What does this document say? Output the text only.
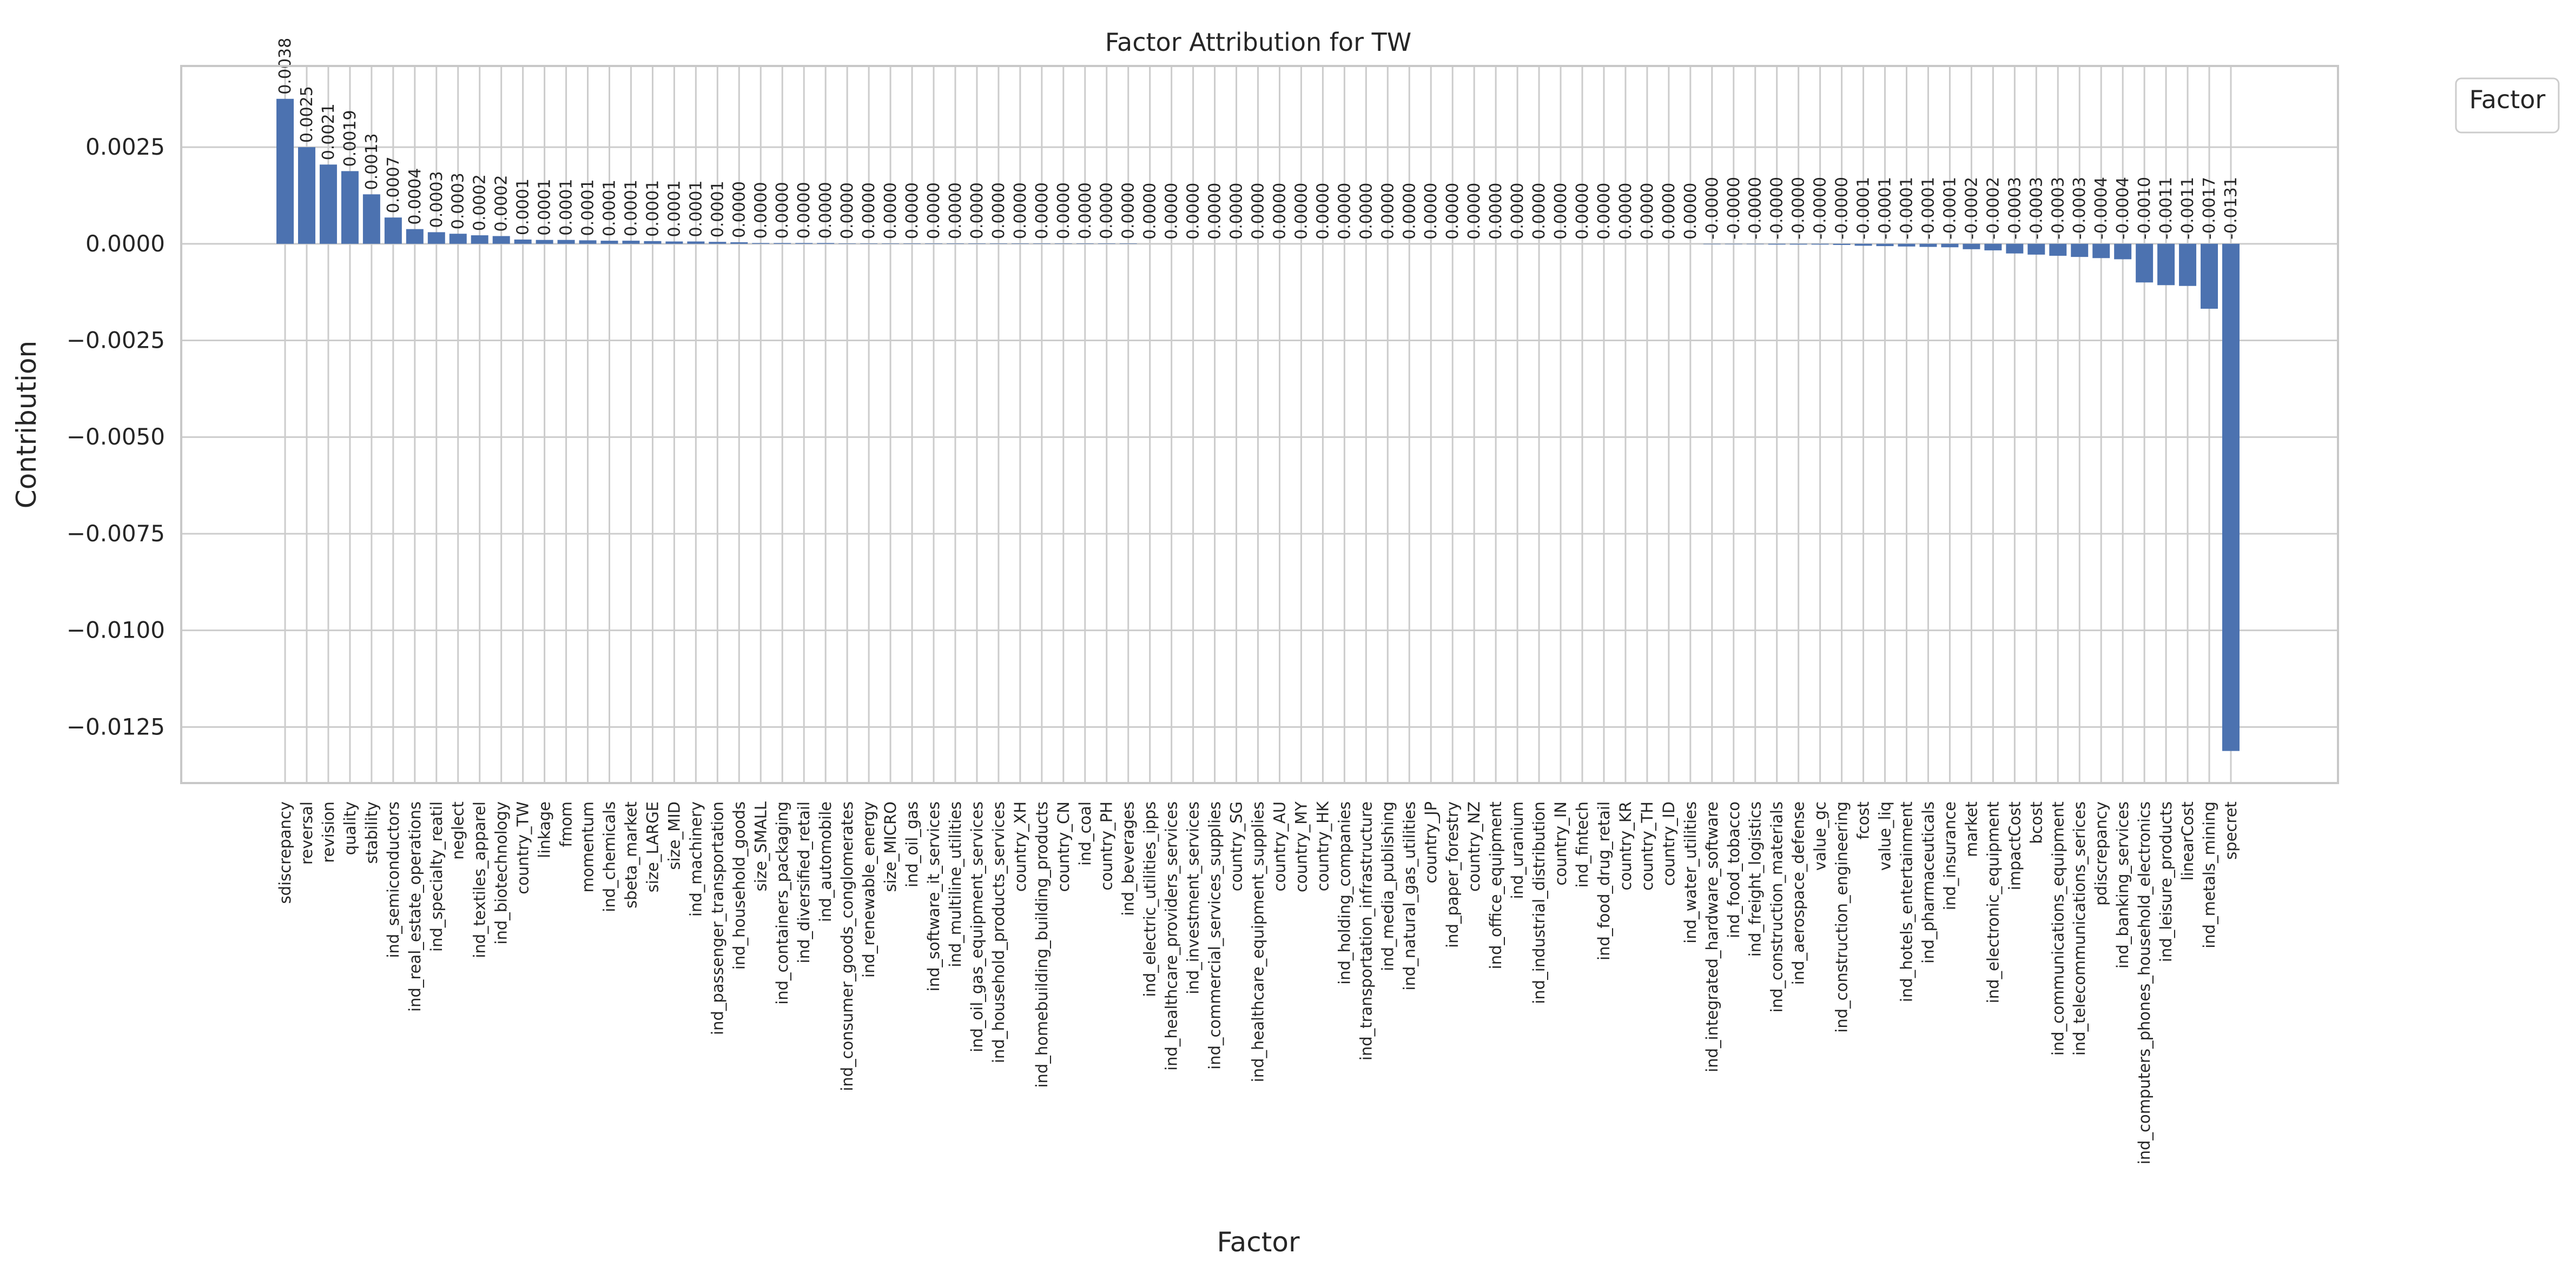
Factor Attribution for TW
0.0038
0.0025 0.0021 0.0019 0.0013 0.0007 0.0004 0.0003 0.0003 0.0002 0.0002 0.0001 0.0001 0.0001 0.0001 0.0001 0.0001 0.0001 0.0001 0.0001 0.0001 0.0000 0.0000 0.0000 0.0000 0.0000 0.0000 0.0000 0.0000 0.0000 0.0000 0.0000 0.0000 0.0000 0.0000 0.0000 0.0000 0.0000 0.0000 0.0000 0.0000 0.0000 0.0000 0.0000 0.0000 0.0000 0.0000 0.0000 0.0000 0.0000 0.0000 0.0000 0.0000 0.0000 0.0000 0.0000 0.0000 0.0000 0.0000 0.0000 0.0000 0.0000 0.0000 0.0000 0.0000 0.0000 -0.0000 -0.0000 -0.0000 -0.0000 -0.0000 -0.0000 -0.0000 -0.0001 -0.0001 -0.0001 -0.0001 -0.0001 -0.0002 -0.0002 -0.0003 -0.0003 -0.0003 -0.0003 -0.0004 -0.0004 -0.0010 -0.0011 -0.0011 -0.0017 -0.0131
0.0025
0.0000
−0.0025
−0.0050
−0.0075
−0.0100
−0.0125
sdiscrepancy reversal revision quality stability ind_semiconductors ind_real_estate_operations ind_specialty_reatil neglect ind_textiles_apparel ind_biotechnology country_TW linkage fmom momentum ind_chemicals sbeta_market size_LARGE size_MID ind_machinery ind_passenger_transportation ind_household_goods size_SMALL ind_containers_packaging ind_diversified_retail ind_automobile ind_consumer_goods_conglomerates ind_renewable_energy size_MICRO ind_oil_gas ind_software_it_services ind_multiline_utilities ind_oil_gas_equipment_services ind_household_products_services country_XH ind_homebuilding_building_products country_CN ind_coal country_PH ind_beverages ind_electric_utilities_ipps ind_healthcare_providers_services ind_investment_services ind_commercial_services_supplies country_SG ind_healthcare_equipment_supplies country_AU country_MY country_HK ind_holding_companies ind_transportation_infrastructure ind_media_publishing ind_natural_gas_utilities country_JP ind_paper_forestry country_NZ ind_office_equipment ind_uranium ind_industrial_distribution country_IN ind_fintech ind_food_drug_retail country_KR country_TH country_ID ind_water_utilities ind_integrated_hardware_software ind_food_tobacco ind_freight_logistics ind_construction_materials ind_aerospace_defense value_gc ind_construction_engineering fcost value_liq ind_hotels_entertainment ind_pharmaceuticals ind_insurance market ind_electronic_equipment impactCost bcost ind_communications_equipment ind_telecommunications_serices pdiscrepancy ind_banking_services ind_computers_phones_household_electronics ind_leisure_products linearCost ind_metals_mining specret
Contribution
Factor
Factor
